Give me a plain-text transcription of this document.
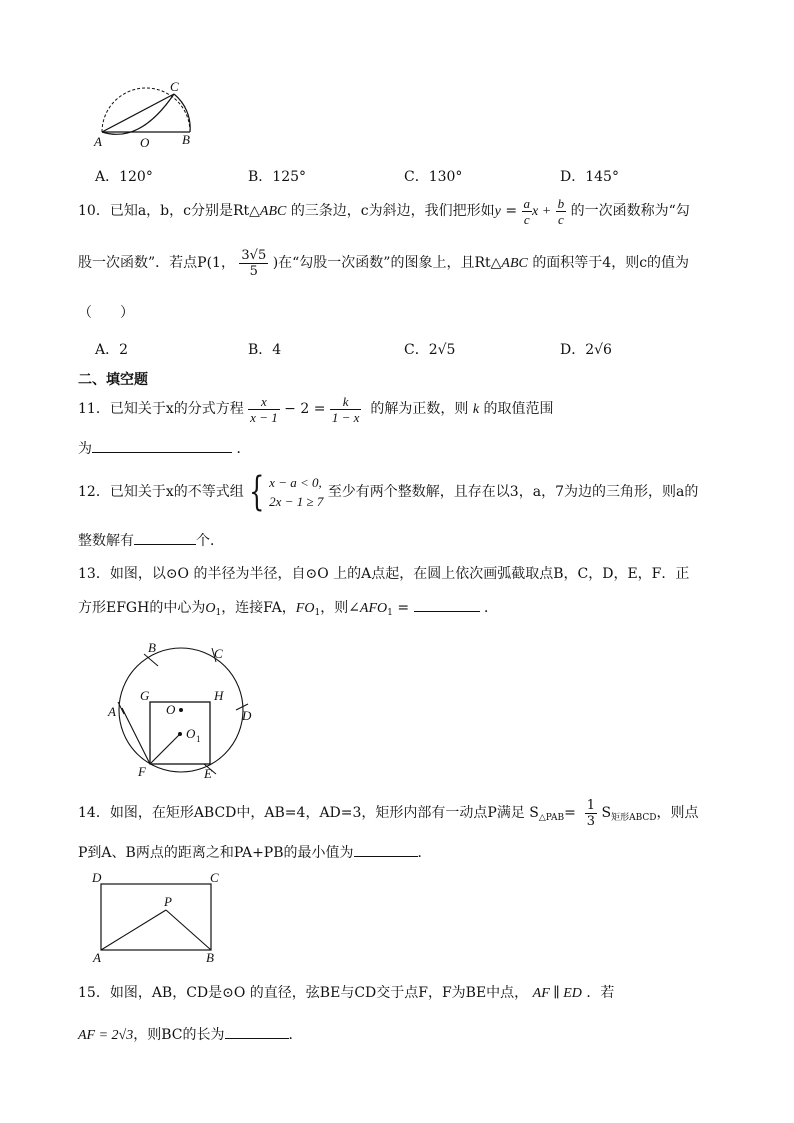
A	O	B
C
A．120°	B．125°	C．130°	D．145°
10．已知a，b，c分别是Rt△ABC 的三条边，c为斜边，我们把形如$y = \frac{a}{c}$ $x + \frac{b}{c}$ 的一次函数称为“勾
股一次函数”．若点P(1， $\frac{3√5}{5}$ )在“勾股一次函数”的图象上，且Rt△ABC 的面积等于4，则c的值为
（　　）
A．2	B．4	C．2√5	D．2√6
二、填空题
11．已知关于x的分式方程 $\frac{x}{x - 1} - 2 = \frac{k}{1 - x}$ 的解为正数，则 k 的取值范围
为	．
12．已知关于x的不等式组 { x − a < 0,
2x − 1 ≥ 7
至少有两个整数解，且存在以3，a，7为边的三角形，则a的
整数解有	个．
13．如图，以⊙O 的半径为半径，自⊙O 上的A点起，在圆上依次画弧截取点B，C，D，E，F．正
方形EFGH的中心为$O_1$，连接FA，$FO_1$，则$\angle AFO_1$ =	．
B	C
A
G	H
O	D
O 1
F	E
14．如图，在矩形ABCD中，AB=4，AD=3，矩形内部有一动点P满足 $S_{\triangle PAB}= \frac{1}{3} S_{矩形ABCD}$，则点
P到A、B两点的距离之和PA+PB的最小值为	．
D	C
P
A	B
15．如图，AB，CD是⊙O 的直径，弦BE与CD交于点F，F为BE中点， AF ∥ ED ．若
AF = 2√3，则BC的长为	．
